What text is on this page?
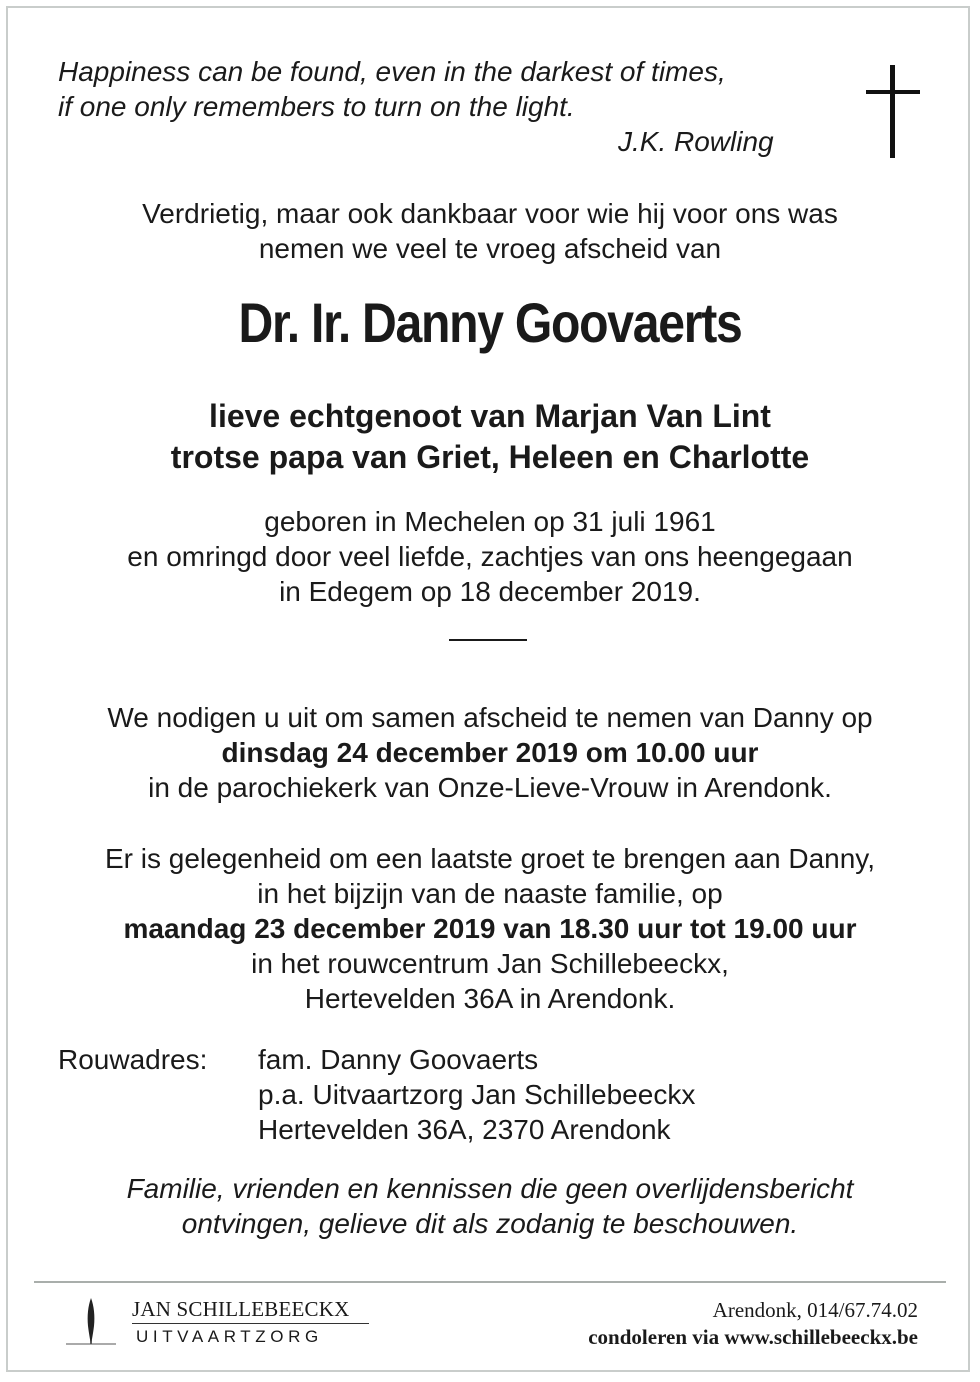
Happiness can be found, even in the darkest of times,
if one only remembers to turn on the light.
J.K. Rowling
Verdrietig, maar ook dankbaar voor wie hij voor ons was
nemen we veel te vroeg afscheid van
Dr. Ir. Danny Goovaerts
lieve echtgenoot van Marjan Van Lint
trotse papa van Griet, Heleen en Charlotte
geboren in Mechelen op 31 juli 1961
en omringd door veel liefde, zachtjes van ons heengegaan
in Edegem op 18 december 2019.
We nodigen u uit om samen afscheid te nemen van Danny op
dinsdag 24 december 2019 om 10.00 uur
in de parochiekerk van Onze-Lieve-Vrouw in Arendonk.
Er is gelegenheid om een laatste groet te brengen aan Danny,
in het bijzijn van de naaste familie, op
maandag 23 december 2019 van 18.30 uur tot 19.00 uur
in het rouwcentrum Jan Schillebeeckx,
Hertevelden 36A in Arendonk.
Rouwadres: fam. Danny Goovaerts
p.a. Uitvaartzorg Jan Schillebeeckx
Hertevelden 36A, 2370 Arendonk
Familie, vrienden en kennissen die geen overlijdensbericht
ontvingen, gelieve dit als zodanig te beschouwen.
JAN SCHILLEBEECKX
UITVAARTZORG
Arendonk, 014/67.74.02
condoleren via www.schillebeeckx.be
